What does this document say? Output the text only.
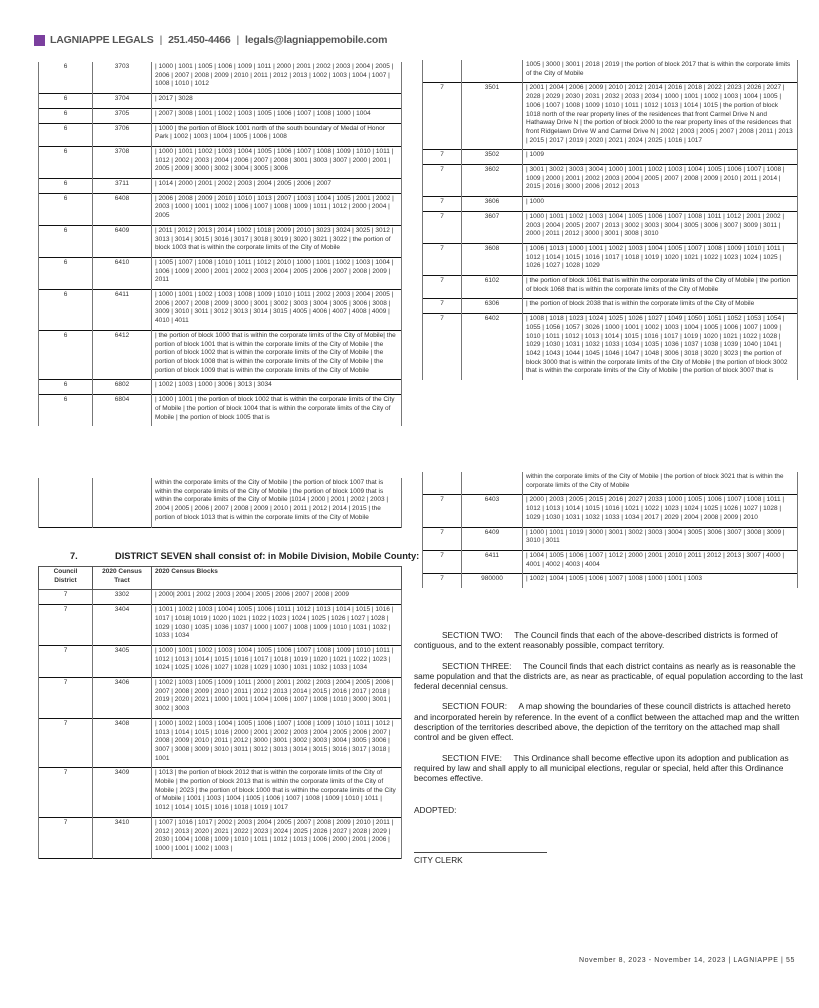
LAGNIAPPE LEGALS | 251.450-4466 | legals@lagniappemobile.com
6	3703	| 1000 | 1001 | 1005 | 1006 | 1009 | 1011 | 2000 | 2001 | 2002 | 2003 | 2004 | 2005 | 2006 | 2007 | 2008 | 2009 | 2010 | 2011 | 2012 | 2013 | 1002 | 1003 | 1004 | 1007 | 1008 | 1010 | 1012
6	3704	| 2017 | 3028
6	3705	| 2007 | 3008 | 1001 | 1002 | 1003 | 1005 | 1006 | 1007 | 1008 | 1000 | 1004
6	3706	| 1000 | the portion of Block 1001 north of the south boundary of Medal of Honor Park | 1002 | 1003 | 1004 | 1005 | 1006 | 1008
6	3708	| 1000 | 1001 | 1002 | 1003 | 1004 | 1005 | 1006 | 1007 | 1008 | 1009 | 1010 | 1011 | 1012 | 2002 | 2003 | 2004 | 2006 | 2007 | 2008 | 3001 | 3003 | 3007 | 2000 | 2001 | 2005 | 2009 | 3000 | 3002 | 3004 | 3005 | 3006
6	3711	| 1014 | 2000 | 2001 | 2002 | 2003 | 2004 | 2005 | 2006 | 2007
6	6408	| 2006 | 2008 | 2009 | 2010 | 1010 | 1013 | 2007 | 1003 | 1004 | 1005 | 2001 | 2002 | 2003 | 1000 | 1001 | 1002 | 1006 | 1007 | 1008 | 1009 | 1011 | 1012 | 2000 | 2004 | 2005
6	6409	| 2011 | 2012 | 2013 | 2014 | 1002 | 1018 | 2009 | 2010 | 3023 | 3024 | 3025 | 3012 | 3013 | 3014 | 3015 | 3016 | 3017 | 3018 | 3019 | 3020 | 3021 | 3022 | the portion of block 1003 that is within the corporate limits of the City of Mobile
6	6410	| 1005 | 1007 | 1008 | 1010 | 1011 | 1012 | 2010 | 1000 | 1001 | 1002 | 1003 | 1004 | 1006 | 1009 | 2000 | 2001 | 2002 | 2003 | 2004 | 2005 | 2006 | 2007 | 2008 | 2009 | 2011
6	6411	| 1000 | 1001 | 1002 | 1003 | 1008 | 1009 | 1010 | 1011 | 2002 | 2003 | 2004 | 2005 | 2006 | 2007 | 2008 | 2009 | 3000 | 3001 | 3002 | 3003 | 3004 | 3005 | 3006 | 3008 | 3009 | 3010 | 3011 | 3012 | 3013 | 3014 | 3015 | 4005 | 4006 | 4007 | 4008 | 4009 | 4010 | 4011
6	6412	| the portion of block 1000 that is within the corporate limits of the City of Mobile| the portion of block 1001 that is within the corporate limits of the City of Mobile | the portion of block 1002 that is within the corporate limits of the City of Mobile | the portion of block 1008 that is within the corporate limits of the City of Mobile | the portion of block 1009 that is within the corporate limits of the City of Mobile
6	6802	| 1002 | 1003 | 1000 | 3006 | 3013 | 3034
6	6804	| 1000 | 1001 | the portion of block 1002 that is within the corporate limits of the City of Mobile | the portion of block 1004 that is within the corporate limits of the City of Mobile | the portion of block 1005 that is
		within the corporate limits of the City of Mobile | the portion of block 1007 that is within the corporate limits of the City of Mobile | the portion of block 1009 that is within the corporate limits of the City of Mobile |1014 | 2000 | 2001 | 2002 | 2003 | 2004 | 2005 | 2006 | 2007 | 2008 | 2009 | 2010 | 2011 | 2012 | 2014 | 2015 | the portion of block 1013 that is within the corporate limits of the City of Mobile
7.	DISTRICT SEVEN shall consist of: in Mobile Division, Mobile County:
Council District	2020 Census Tract	2020 Census Blocks
7	3302	| 2000| 2001 | 2002 | 2003 | 2004 | 2005 | 2006 | 2007 | 2008 | 2009
7	3404	| 1001 | 1002 | 1003 | 1004 | 1005 | 1006 | 1011 | 1012 | 1013 | 1014 | 1015 | 1016 | 1017 | 1018| 1019 | 1020 | 1021 | 1022 | 1023 | 1024 | 1025 | 1026 | 1027 | 1028 | 1029 | 1030 | 1035 | 1036 | 1037 | 1000 | 1007 | 1008 | 1009 | 1010 | 1031 | 1032 | 1033 | 1034
7	3405	| 1000 | 1001 | 1002 | 1003 | 1004 | 1005 | 1006 | 1007 | 1008 | 1009 | 1010 | 1011 | 1012 | 1013 | 1014 | 1015 | 1016 | 1017 | 1018 | 1019 | 1020 | 1021 | 1022 | 1023 | 1024 | 1025 | 1026 | 1027 | 1028 | 1029 | 1030 | 1031 | 1032 | 1033 | 1034
7	3406	| 1002 | 1003 | 1005 | 1009 | 1011 | 2000 | 2001 | 2002 | 2003 | 2004 | 2005 | 2006 | 2007 | 2008 | 2009 | 2010 | 2011 | 2012 | 2013 | 2014 | 2015 | 2016 | 2017 | 2018 | 2019 | 2020 | 2021 | 1000 | 1001 | 1004 | 1006 | 1007 | 1008 | 1010 | 3000 | 3001 | 3002 | 3003
7	3408	| 1000 | 1002 | 1003 | 1004 | 1005 | 1006 | 1007 | 1008 | 1009 | 1010 | 1011 | 1012 | 1013 | 1014 | 1015 | 1016 | 2000 | 2001 | 2002 | 2003 | 2004 | 2005 | 2006 | 2007 | 2008 | 2009 | 2010 | 2011 | 2012 | 3000 | 3001 | 3002 | 3003 | 3004 | 3005 | 3006 | 3007 | 3008 | 3009 | 3010 | 3011 | 3012 | 3013 | 3014 | 3015 | 3016 | 3017 | 3018 | 1001
7	3409	| 1013 | the portion of block 2012 that is within the corporate limits of the City of Mobile | the portion of block 2013 that is within the corporate limits of the City of Mobile | 2023 | the portion of block 1000 that is within the corporate limits of the City of Mobile | 1001 | 1003 | 1004 | 1005 | 1006 | 1007 | 1008 | 1009 | 1010 | 1011 | 1012 | 1014 | 1015 | 1016 | 1018 | 1019 | 1017
7	3410	| 1007 | 1016 | 1017 | 2002 | 2003 | 2004 | 2005 | 2007 | 2008 | 2009 | 2010 | 2011 | 2012 | 2013 | 2020 | 2021 | 2022 | 2023 | 2024 | 2025 | 2026 | 2027 | 2028 | 2029 | 2030 | 1004 | 1008 | 1009 | 1010 | 1011 | 1012 | 1013 | 1006 | 2000 | 2001 | 2006 | 1000 | 1001 | 1002 | 1003 |
		1005 | 3000 | 3001 | 2018 | 2019 | the portion of block 2017 that is within the corporate limits of the City of Mobile
7	3501	| 2001 | 2004 | 2006 | 2009 | 2010 | 2012 | 2014 | 2016 | 2018 | 2022 | 2023 | 2026 | 2027 | 2028 | 2029 | 2030 | 2031 | 2032 | 2033 | 2034 | 1000 | 1001 | 1002 | 1003 | 1004 | 1005 | 1006 | 1007 | 1008 | 1009 | 1010 | 1011 | 1012 | 1013 | 1014 | 1015 | the portion of block 1018 north of the rear property lines of the residences that front Carmel Drive N and Hathaway Drive N | the portion of block 2000 to the rear property lines of the residences that front Ridgelawn Drive W and Carmel Drive N | 2002 | 2003 | 2005 | 2007 | 2008 | 2011 | 2013 | 2015 | 2017 | 2019 | 2020 | 2021 | 2024 | 2025 | 1016 | 1017
7	3502	| 1009
7	3602	| 3001 | 3002 | 3003 | 3004 | 1000 | 1001 | 1002 | 1003 | 1004 | 1005 | 1006 | 1007 | 1008 | 1009 | 2000 | 2001 | 2002 | 2003 | 2004 | 2005 | 2007 | 2008 | 2009 | 2010 | 2011 | 2014 | 2015 | 2016 | 3000 | 2006 | 2012 | 2013
7	3606	| 1000
7	3607	| 1000 | 1001 | 1002 | 1003 | 1004 | 1005 | 1006 | 1007 | 1008 | 1011 | 1012 | 2001 | 2002 | 2003 | 2004 | 2005 | 2007 | 2013 | 3002 | 3003 | 3004 | 3005 | 3006 | 3007 | 3009 | 3011 | 2000 | 2011 | 2012 | 3000 | 3001 | 3008 | 3010
7	3608	| 1006 | 1013 | 1000 | 1001 | 1002 | 1003 | 1004 | 1005 | 1007 | 1008 | 1009 | 1010 | 1011 | 1012 | 1014 | 1015 | 1016 | 1017 | 1018 | 1019 | 1020 | 1021 | 1022 | 1023 | 1024 | 1025 | 1026 | 1027 | 1028 | 1029
7	6102	| the portion of block 1061 that is within the corporate limits of the City of Mobile | the portion of block 1068 that is within the corporate limits of the City of Mobile
7	6306	| the portion of block 2038 that is within the corporate limits of the City of Mobile
7	6402	| 1008 | 1018 | 1023 | 1024 | 1025 | 1026 | 1027 | 1049 | 1050 | 1051 | 1052 | 1053 | 1054 | 1055 | 1056 | 1057 | 3026 | 1000 | 1001 | 1002 | 1003 | 1004 | 1005 | 1006 | 1007 | 1009 | 1010 | 1011 | 1012 | 1013 | 1014 | 1015 | 1016 | 1017 | 1019 | 1020 | 1021 | 1022 | 1028 | 1029 | 1030 | 1031 | 1032 | 1033 | 1034 | 1035 | 1036 | 1037 | 1038 | 1039 | 1040 | 1041 | 1042 | 1043 | 1044 | 1045 | 1046 | 1047 | 1048 | 3006 | 3018 | 3020 | 3023 | the portion of block 3000 that is within the corporate limits of the City of Mobile | the portion of block 3002 that is within the corporate limits of the City of Mobile | the portion of block 3007 that is
		within the corporate limits of the City of Mobile | the portion of block 3021 that is within the corporate limits of the City of Mobile
7	6403	| 2000 | 2003 | 2005 | 2015 | 2016 | 2027 | 2033 | 1000 | 1005 | 1006 | 1007 | 1008 | 1011 | 1012 | 1013 | 1014 | 1015 | 1016 | 1021 | 1022 | 1023 | 1024 | 1025 | 1026 | 1027 | 1028 | 1029 | 1030 | 1031 | 1032 | 1033 | 1034 | 2017 | 2029 | 2004 | 2008 | 2009 | 2010
7	6409	| 1000 | 1001 | 1019 | 3000 | 3001 | 3002 | 3003 | 3004 | 3005 | 3006 | 3007 | 3008 | 3009 | 3010 | 3011
7	6411	| 1004 | 1005 | 1006 | 1007 | 1012 | 2000 | 2001 | 2010 | 2011 | 2012 | 2013 | 3007 | 4000 | 4001 | 4002 | 4003 | 4004
7	980000	| 1002 | 1004 | 1005 | 1006 | 1007 | 1008 | 1000 | 1001 | 1003

SECTION TWO: The Council finds that each of the above-described districts is formed of contiguous, and to the extent reasonably possible, compact territory.

SECTION THREE: The Council finds that each district contains as nearly as is reasonable the same population and that the districts are, as near as practicable, of equal population according to the last federal decennial census.

SECTION FOUR: A map showing the boundaries of these council districts is attached hereto and incorporated herein by reference. In the event of a conflict between the attached map and the written description of the territories described above, the depiction of the territory on the attached map shall control and be given effect.

SECTION FIVE: This Ordinance shall become effective upon its adoption and publication as required by law and shall apply to all municipal elections, regular or special, held after this Ordinance becomes effective.

ADOPTED:
CITY CLERK
November 8, 2023 - November 14, 2023 | LAGNIAPPE | 55
